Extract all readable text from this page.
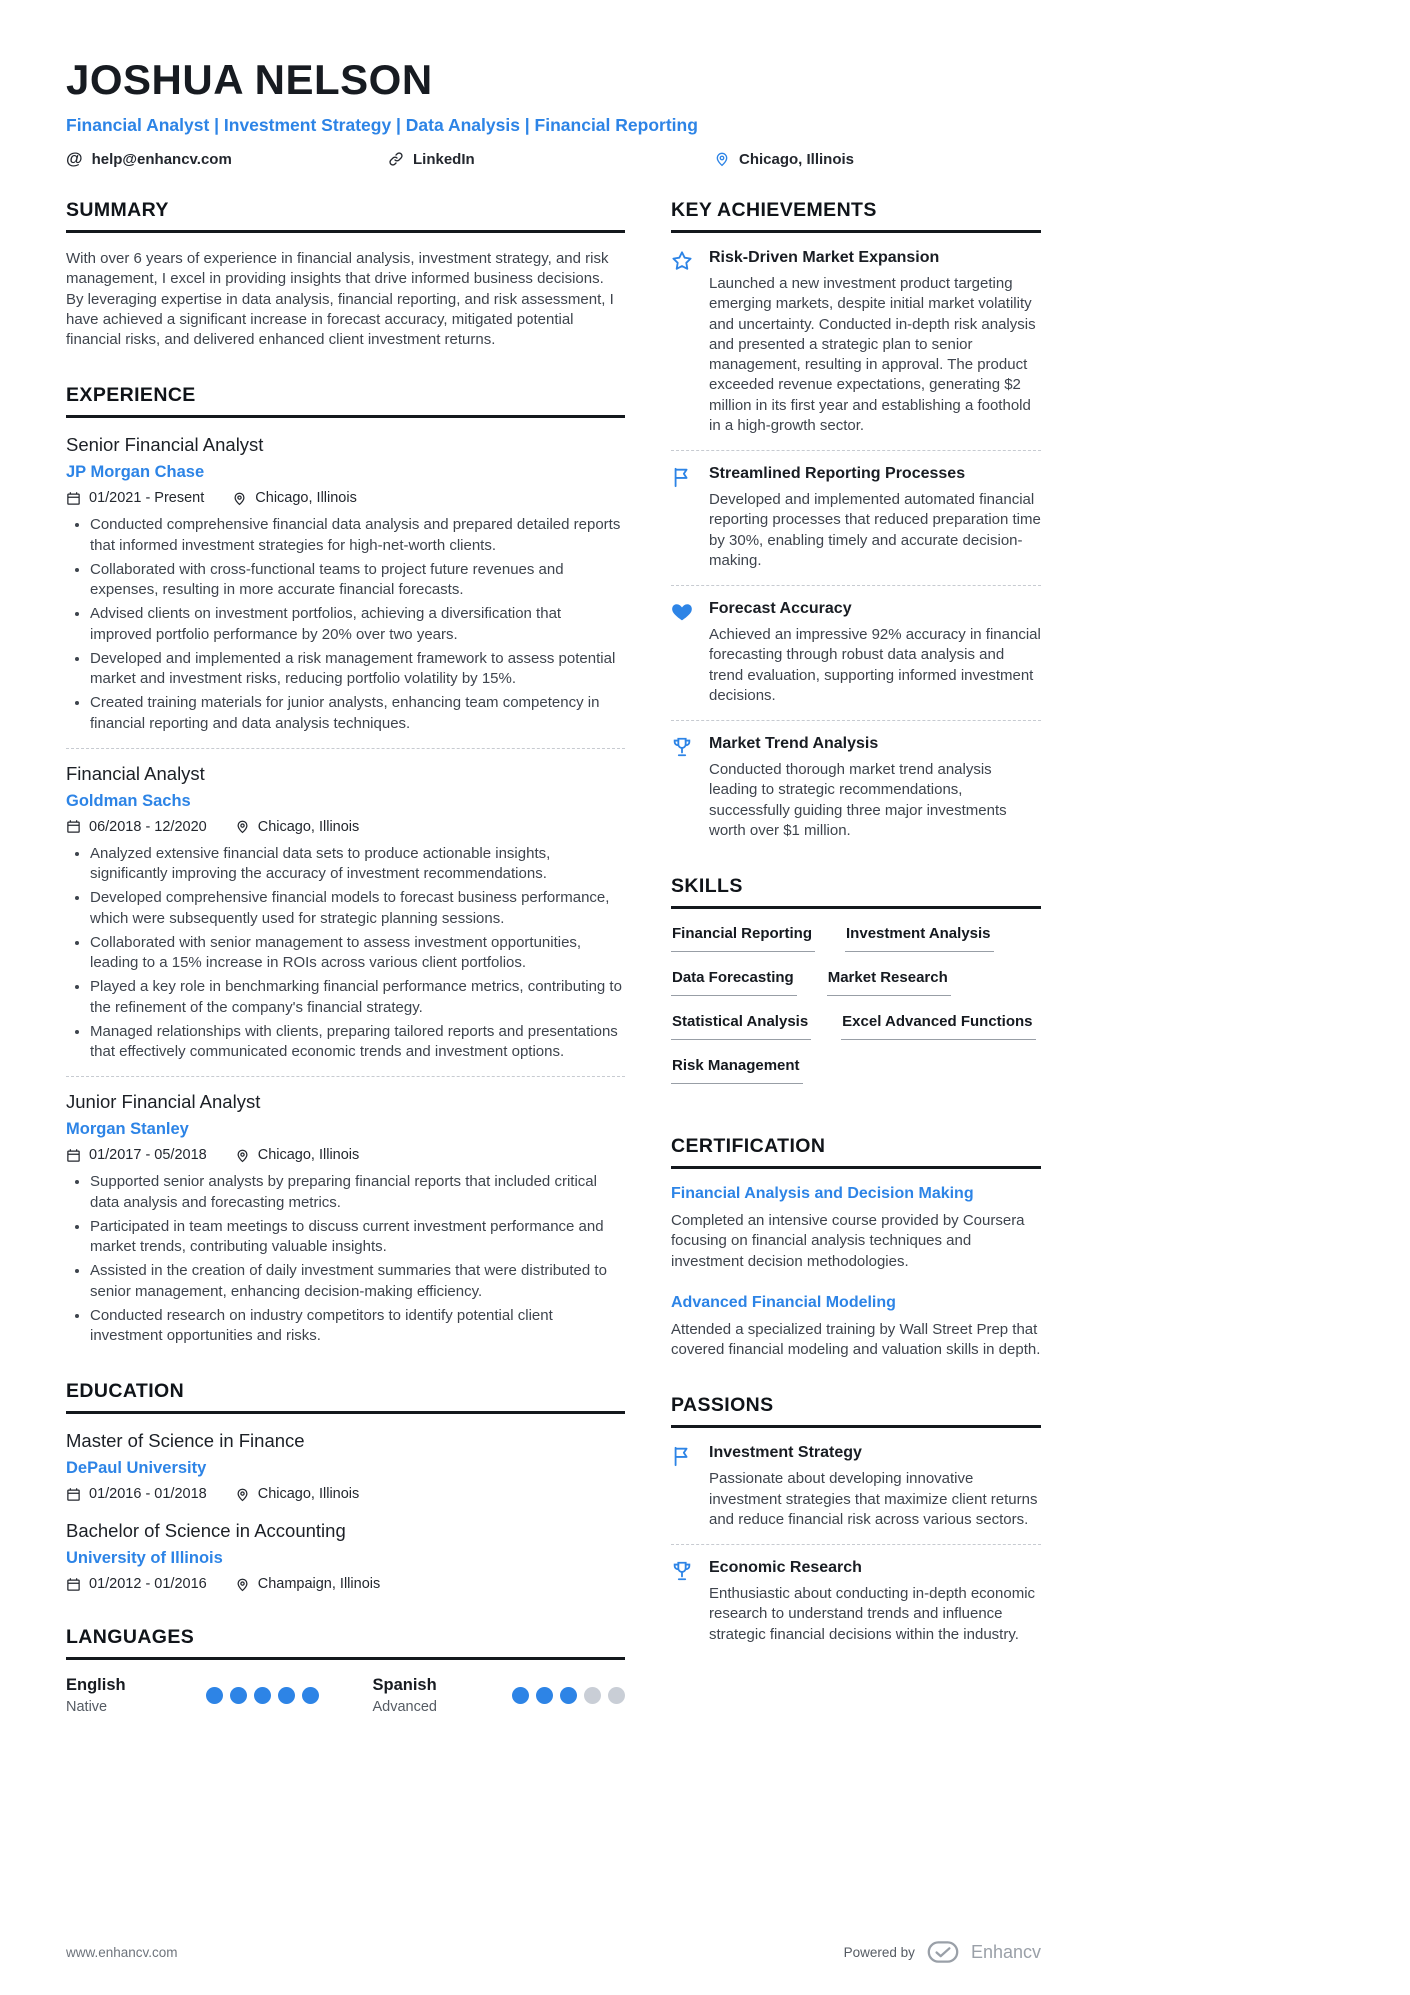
JOSHUA NELSON
Financial Analyst | Investment Strategy | Data Analysis | Financial Reporting
@ help@enhancv.com	LinkedIn	Chicago, Illinois
SUMMARY

With over 6 years of experience in financial analysis, investment strategy, and risk management, I excel in providing insights that drive informed business decisions. By leveraging expertise in data analysis, financial reporting, and risk assessment, I have achieved a significant increase in forecast accuracy, mitigated potential financial risks, and delivered enhanced client investment returns.

EXPERIENCE
Senior Financial Analyst
JP Morgan Chase
01/2021 - Present	Chicago, Illinois
• Conducted comprehensive financial data analysis and prepared detailed reports that informed investment strategies for high-net-worth clients.
• Collaborated with cross-functional teams to project future revenues and expenses, resulting in more accurate financial forecasts.
• Advised clients on investment portfolios, achieving a diversification that improved portfolio performance by 20% over two years.
• Developed and implemented a risk management framework to assess potential market and investment risks, reducing portfolio volatility by 15%.
• Created training materials for junior analysts, enhancing team competency in financial reporting and data analysis techniques.
Financial Analyst
Goldman Sachs
06/2018 - 12/2020	Chicago, Illinois
• Analyzed extensive financial data sets to produce actionable insights, significantly improving the accuracy of investment recommendations.
• Developed comprehensive financial models to forecast business performance, which were subsequently used for strategic planning sessions.
• Collaborated with senior management to assess investment opportunities, leading to a 15% increase in ROIs across various client portfolios.
• Played a key role in benchmarking financial performance metrics, contributing to the refinement of the company's financial strategy.
• Managed relationships with clients, preparing tailored reports and presentations that effectively communicated economic trends and investment options.
Junior Financial Analyst
Morgan Stanley
01/2017 - 05/2018	Chicago, Illinois
• Supported senior analysts by preparing financial reports that included critical data analysis and forecasting metrics.
• Participated in team meetings to discuss current investment performance and market trends, contributing valuable insights.
• Assisted in the creation of daily investment summaries that were distributed to senior management, enhancing decision-making efficiency.
• Conducted research on industry competitors to identify potential client investment opportunities and risks.
EDUCATION
Master of Science in Finance
DePaul University
01/2016 - 01/2018	Chicago, Illinois
Bachelor of Science in Accounting
University of Illinois
01/2012 - 01/2016	Champaign, Illinois
LANGUAGES
English
Native
Spanish
Advanced
KEY ACHIEVEMENTS
Risk-Driven Market Expansion
Launched a new investment product targeting emerging markets, despite initial market volatility and uncertainty. Conducted in-depth risk analysis and presented a strategic plan to senior management, resulting in approval. The product exceeded revenue expectations, generating $2 million in its first year and establishing a foothold in a high-growth sector.
Streamlined Reporting Processes
Developed and implemented automated financial reporting processes that reduced preparation time by 30%, enabling timely and accurate decision-making.
Forecast Accuracy
Achieved an impressive 92% accuracy in financial forecasting through robust data analysis and trend evaluation, supporting informed investment decisions.
Market Trend Analysis
Conducted thorough market trend analysis leading to strategic recommendations, successfully guiding three major investments worth over $1 million.
SKILLS
Financial Reporting Investment Analysis
Data Forecasting Market Research
Statistical Analysis Excel Advanced Functions
Risk Management
CERTIFICATION
Financial Analysis and Decision Making
Completed an intensive course provided by Coursera focusing on financial analysis techniques and investment decision methodologies.
Advanced Financial Modeling
Attended a specialized training by Wall Street Prep that covered financial modeling and valuation skills in depth.
PASSIONS
Investment Strategy
Passionate about developing innovative investment strategies that maximize client returns and reduce financial risk across various sectors.
Economic Research
Enthusiastic about conducting in-depth economic research to understand trends and influence strategic financial decisions within the industry.
www.enhancv.com	Powered by	Enhancv
